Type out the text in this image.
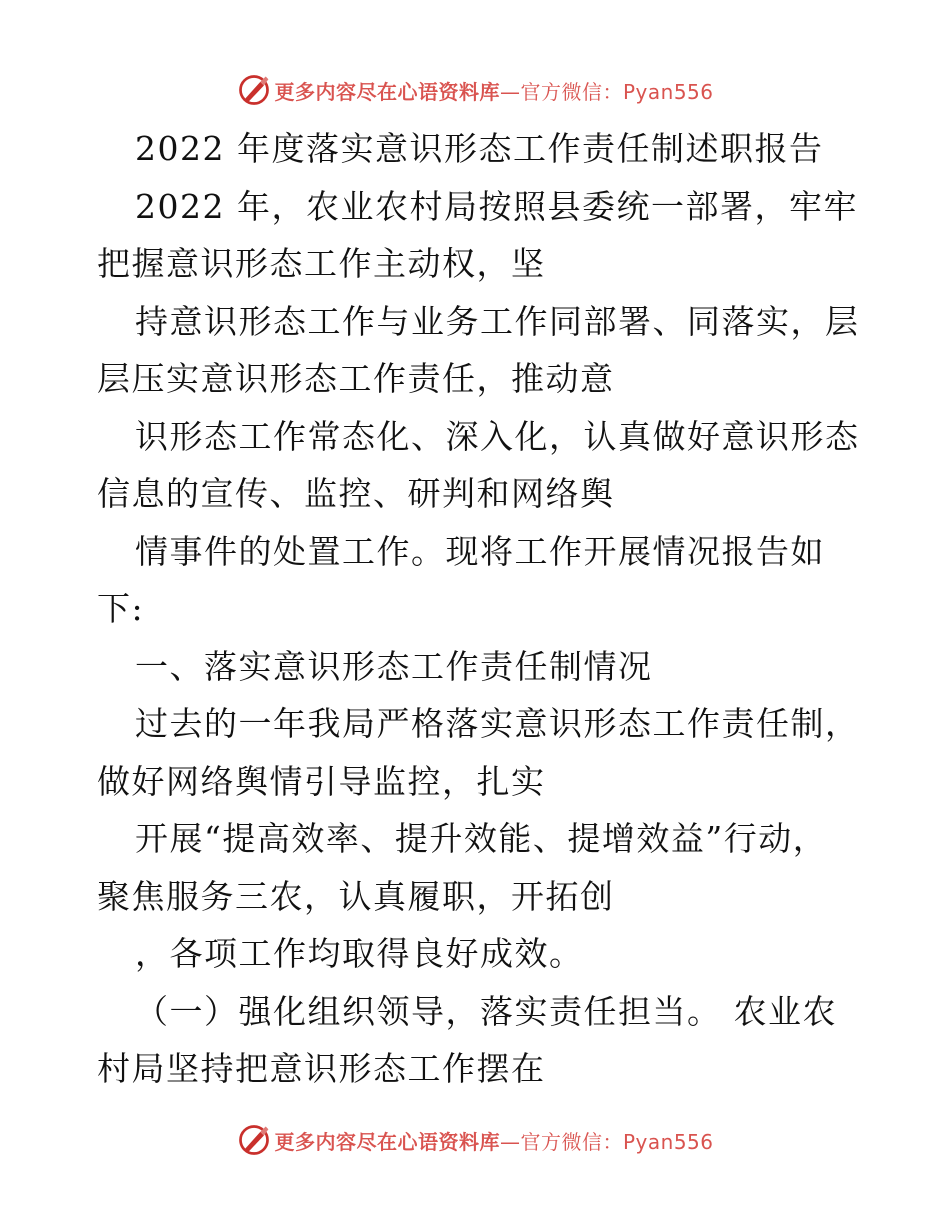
更多内容尽在心语资料库—官方微信：Pyan556
2022 年度落实意识形态工作责任制述职报告
2022 年，农业农村局按照县委统一部署，牢牢
把握意识形态工作主动权，坚
持意识形态工作与业务工作同部署、同落实，层
层压实意识形态工作责任，推动意
识形态工作常态化、深入化，认真做好意识形态
信息的宣传、监控、研判和网络舆
情事件的处置工作。现将工作开展情况报告如
下:
一、落实意识形态工作责任制情况
过去的一年我局严格落实意识形态工作责任制，
做好网络舆情引导监控，扎实
开展“提高效率、提升效能、提增效益”行动，
聚焦服务三农，认真履职，开拓创
，各项工作均取得良好成效。
（一）强化组织领导，落实责任担当。 农业农
村局坚持把意识形态工作摆在
更多内容尽在心语资料库—官方微信：Pyan556
